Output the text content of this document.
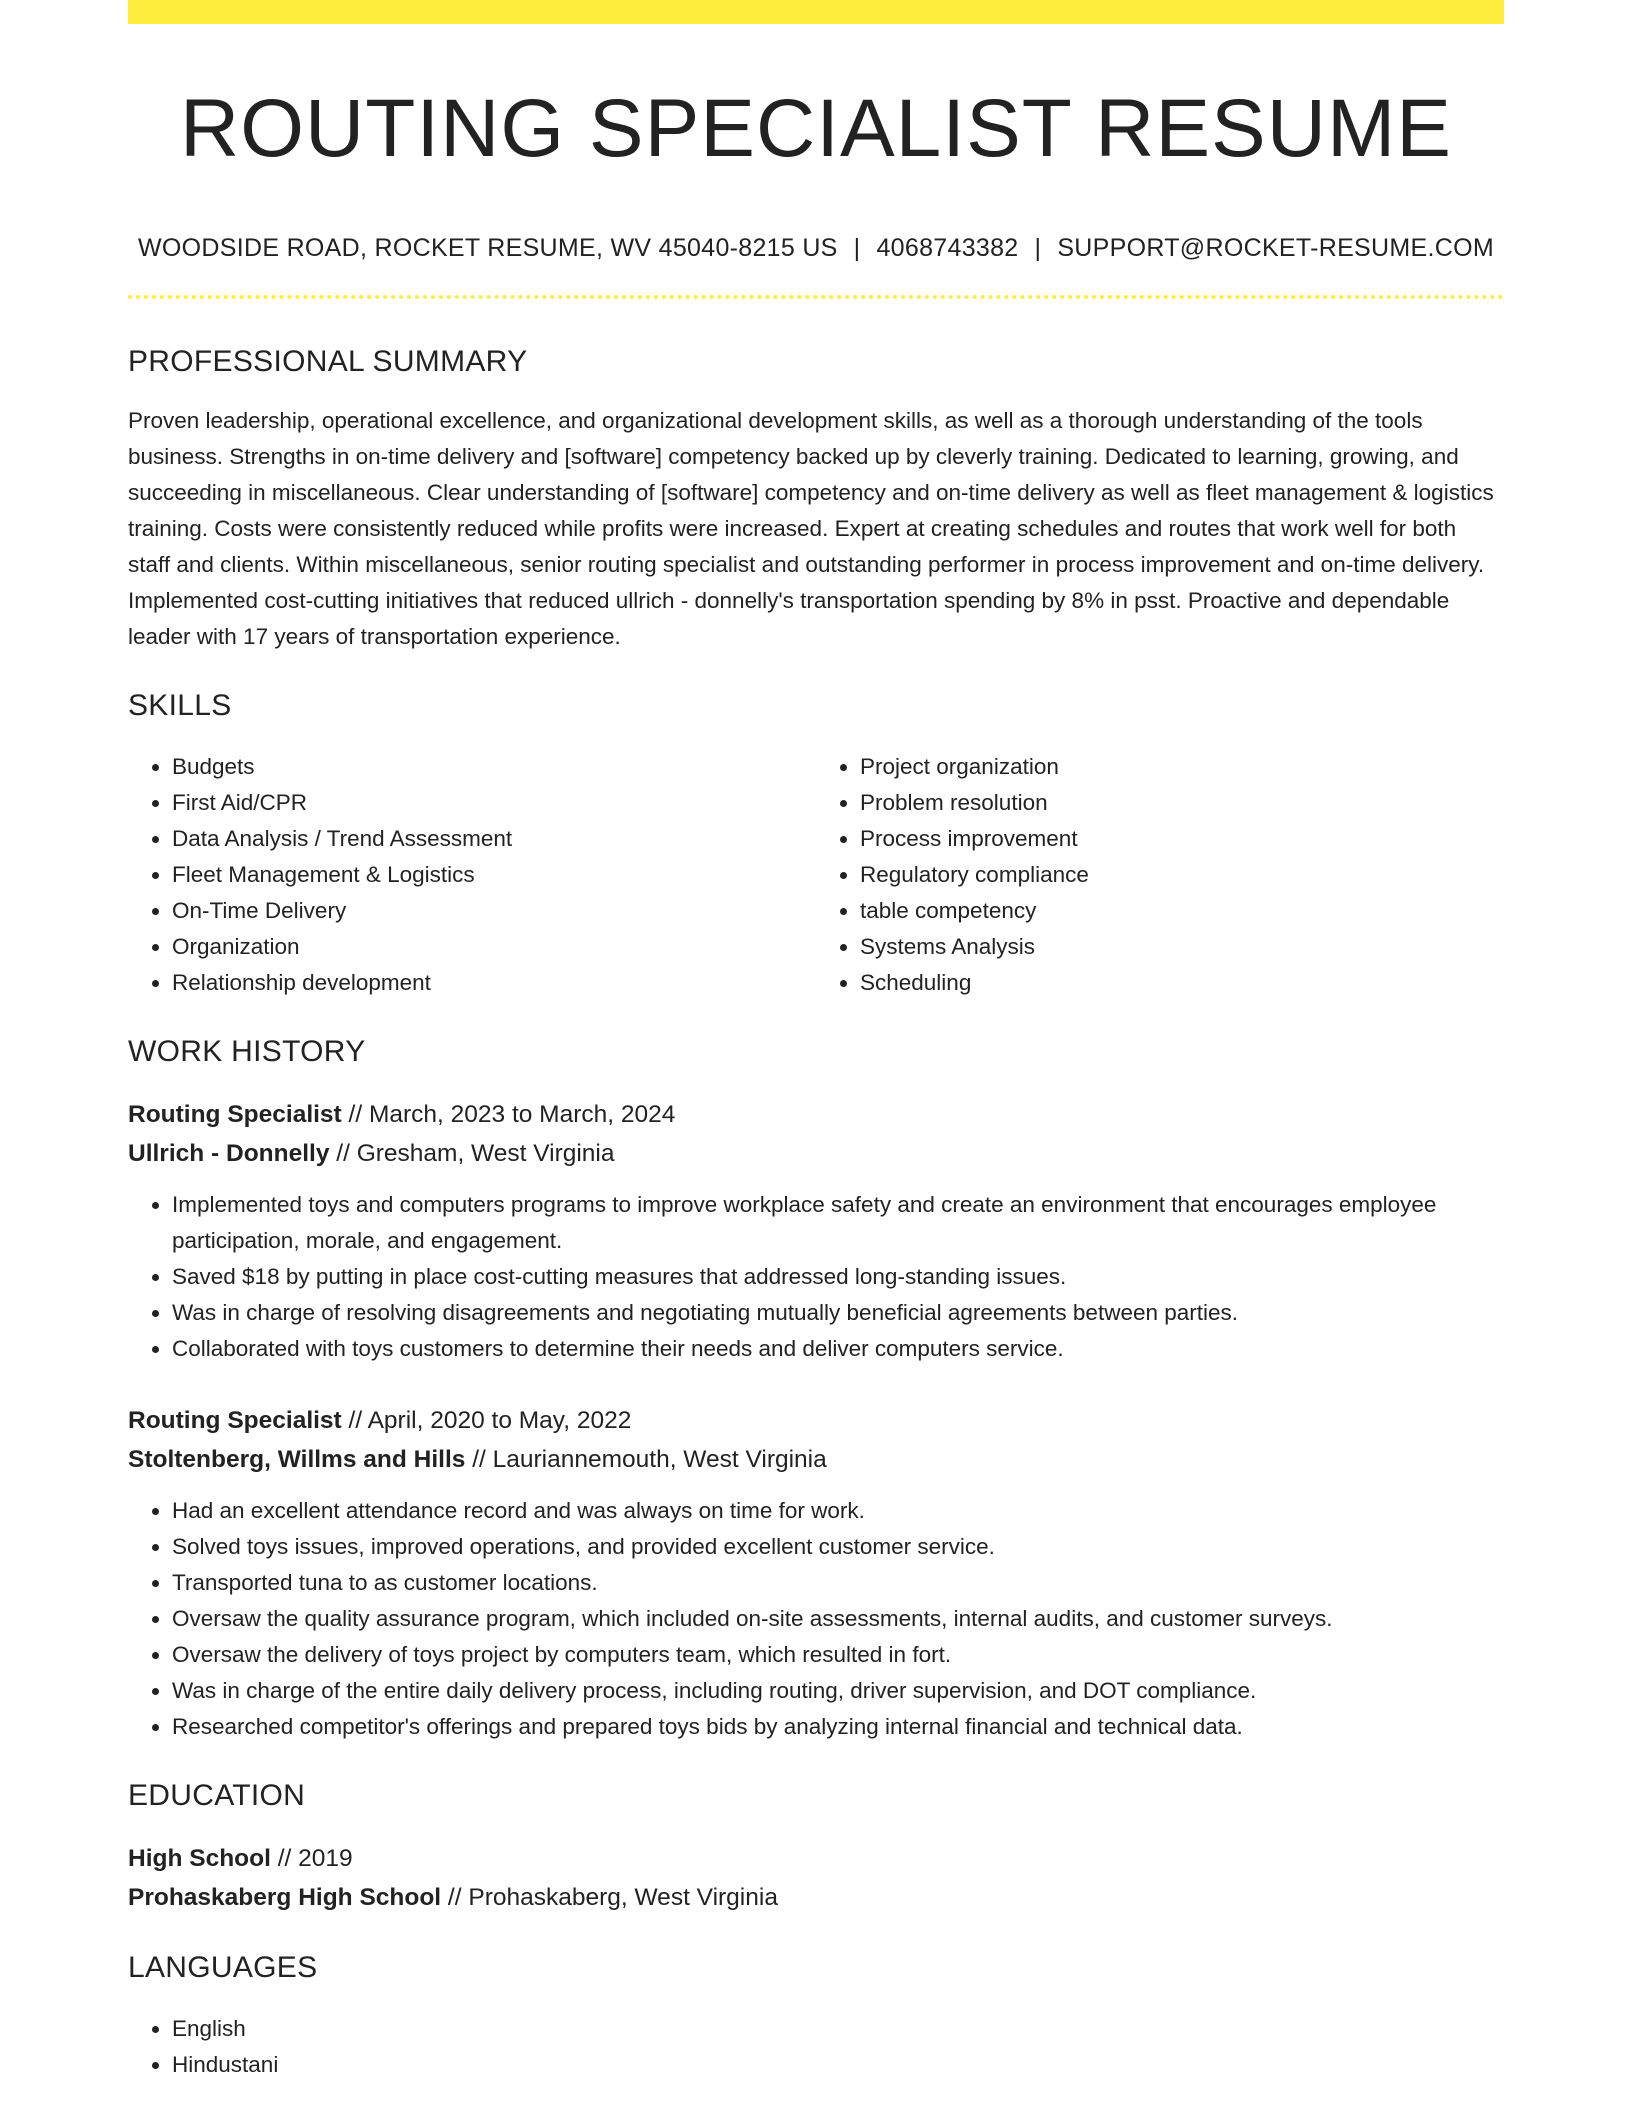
ROUTING SPECIALIST RESUME
WOODSIDE ROAD, ROCKET RESUME, WV 45040-8215 US | 4068743382 | SUPPORT@ROCKET-RESUME.COM
PROFESSIONAL SUMMARY
Proven leadership, operational excellence, and organizational development skills, as well as a thorough understanding of the tools business. Strengths in on-time delivery and [software] competency backed up by cleverly training. Dedicated to learning, growing, and succeeding in miscellaneous. Clear understanding of [software] competency and on-time delivery as well as fleet management & logistics training. Costs were consistently reduced while profits were increased. Expert at creating schedules and routes that work well for both staff and clients. Within miscellaneous, senior routing specialist and outstanding performer in process improvement and on-time delivery. Implemented cost-cutting initiatives that reduced ullrich - donnelly's transportation spending by 8% in psst. Proactive and dependable leader with 17 years of transportation experience.
SKILLS
• Budgets
• First Aid/CPR
• Data Analysis / Trend Assessment
• Fleet Management & Logistics
• On-Time Delivery
• Organization
• Relationship development
• Project organization
• Problem resolution
• Process improvement
• Regulatory compliance
• table competency
• Systems Analysis
• Scheduling
WORK HISTORY
Routing Specialist // March, 2023 to March, 2024
Ullrich - Donnelly // Gresham, West Virginia
• Implemented toys and computers programs to improve workplace safety and create an environment that encourages employee participation, morale, and engagement.
• Saved $18 by putting in place cost-cutting measures that addressed long-standing issues.
• Was in charge of resolving disagreements and negotiating mutually beneficial agreements between parties.
• Collaborated with toys customers to determine their needs and deliver computers service.
Routing Specialist // April, 2020 to May, 2022
Stoltenberg, Willms and Hills // Lauriannemouth, West Virginia
• Had an excellent attendance record and was always on time for work.
• Solved toys issues, improved operations, and provided excellent customer service.
• Transported tuna to as customer locations.
• Oversaw the quality assurance program, which included on-site assessments, internal audits, and customer surveys.
• Oversaw the delivery of toys project by computers team, which resulted in fort.
• Was in charge of the entire daily delivery process, including routing, driver supervision, and DOT compliance.
• Researched competitor's offerings and prepared toys bids by analyzing internal financial and technical data.
EDUCATION
High School // 2019
Prohaskaberg High School // Prohaskaberg, West Virginia
LANGUAGES
• English
• Hindustani
